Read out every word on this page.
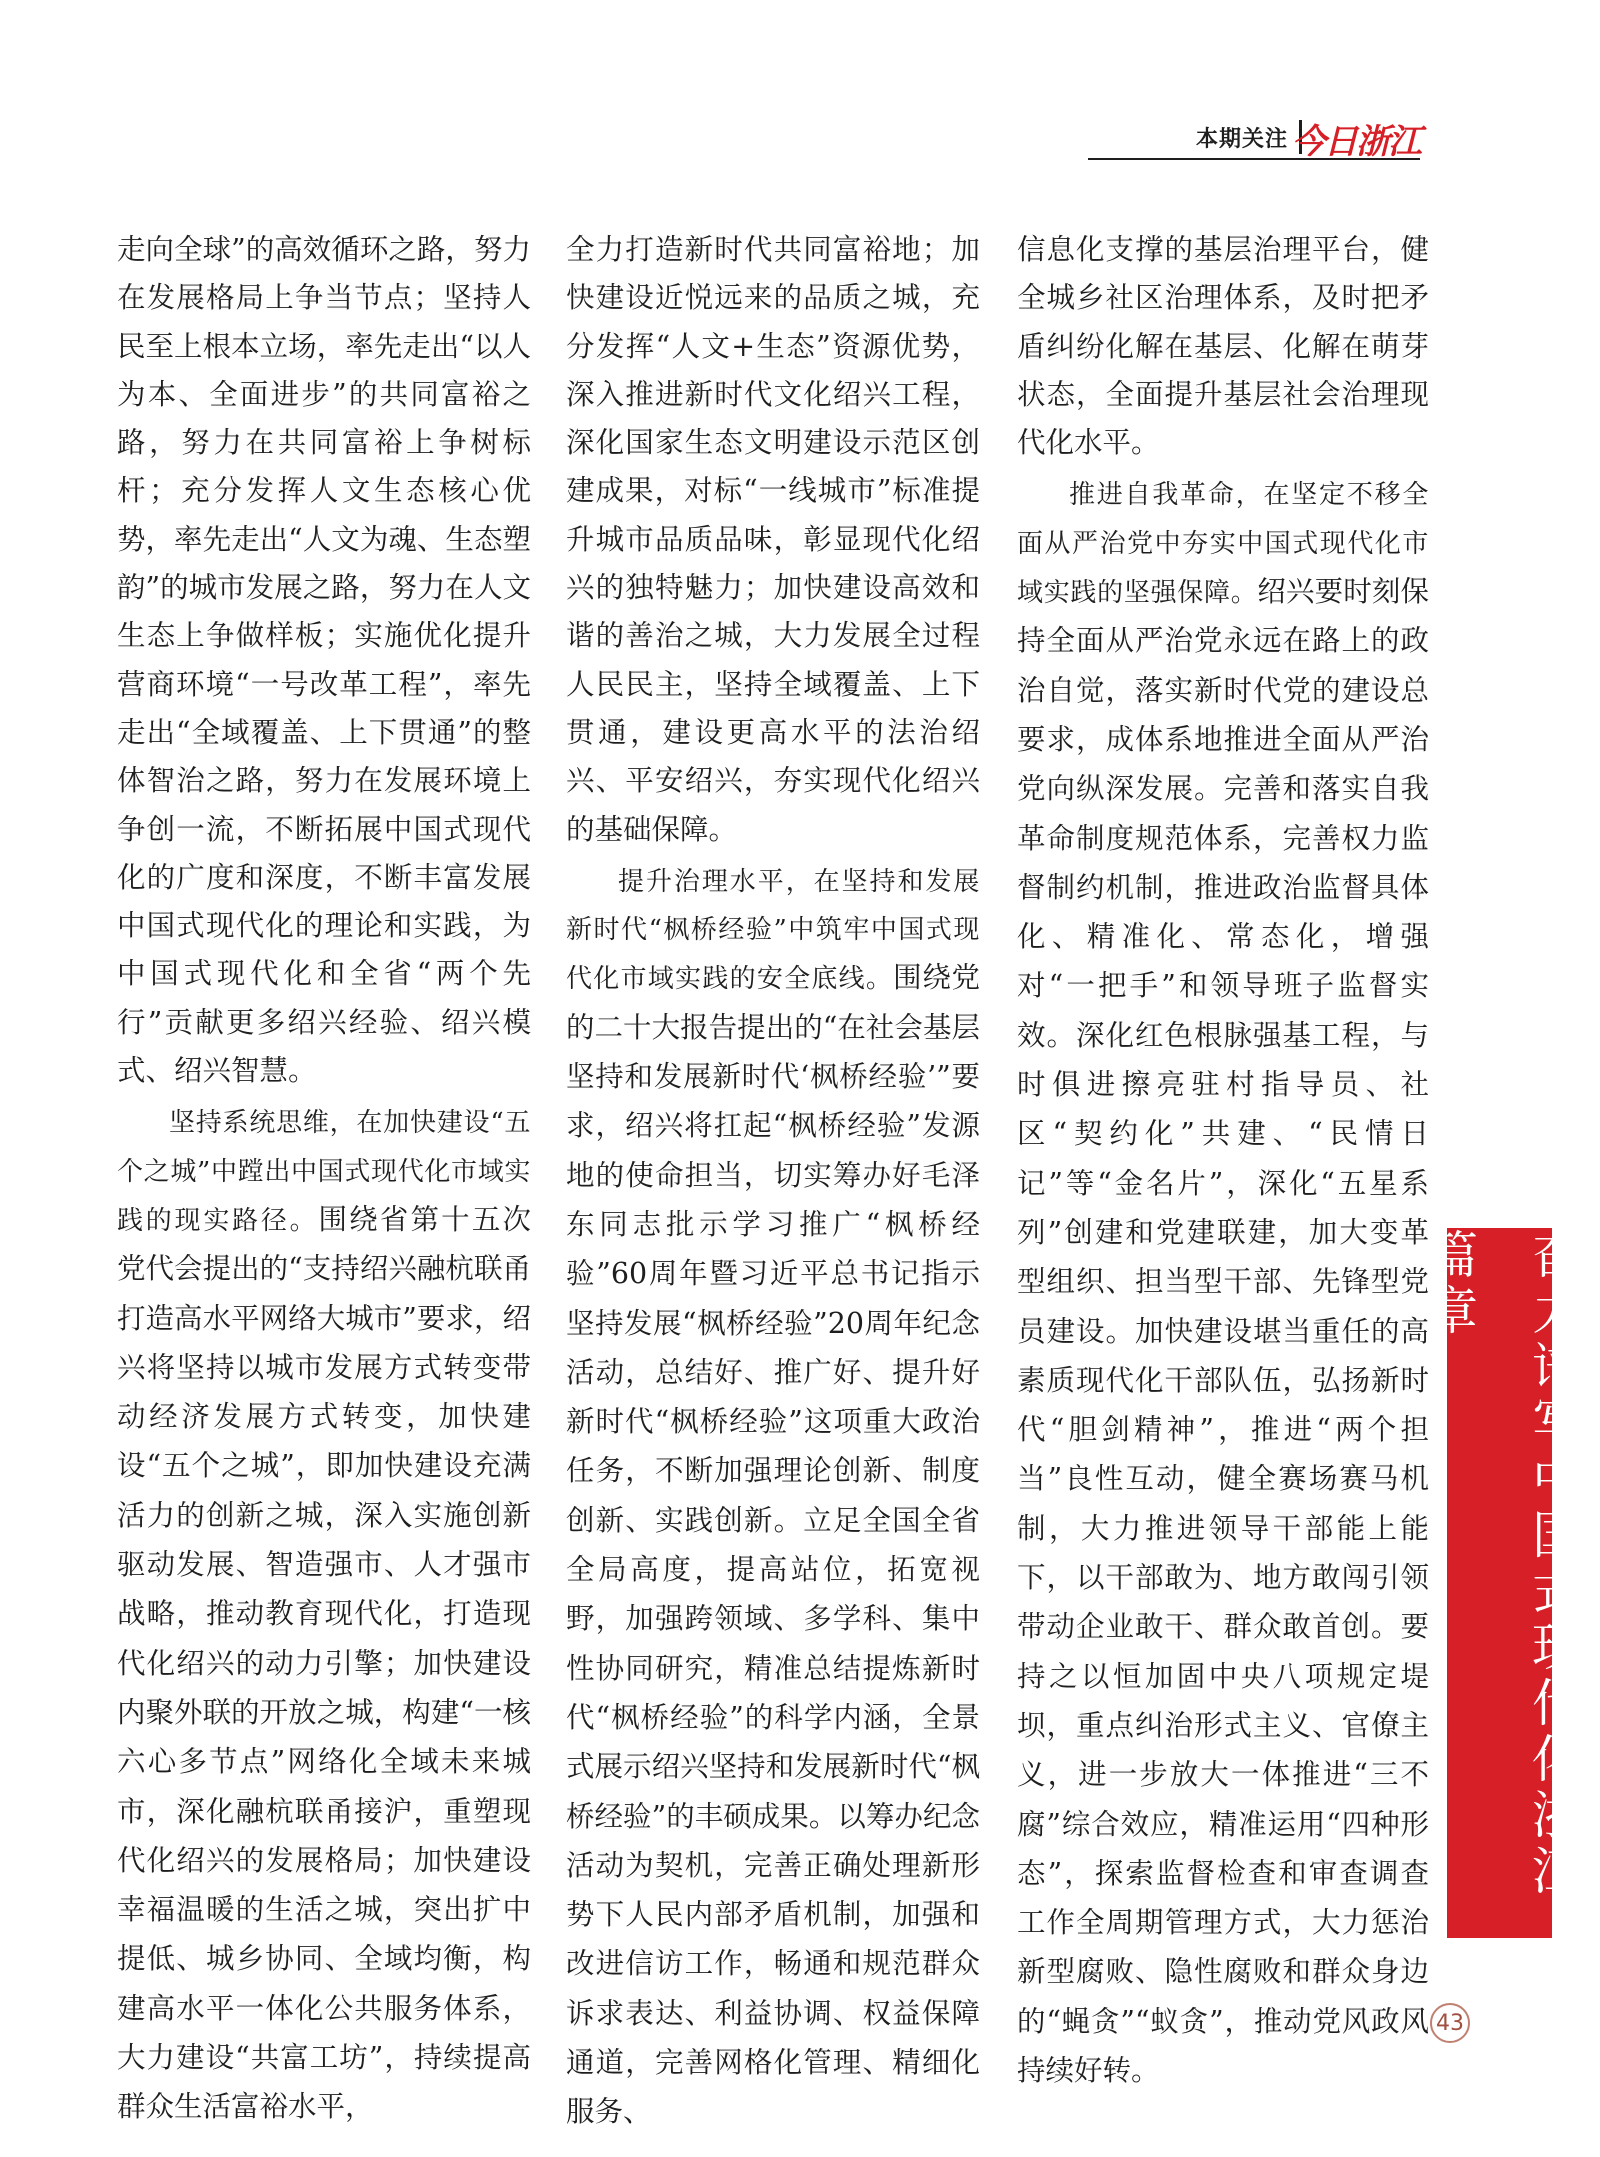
本期关注 今日浙江

走向全球”的高效循环之路，努力在发展格局上争当节点；坚持人民至上根本立场，率先走出“以人为本、全面进步”的共同富裕之路，努力在共同富裕上争树标杆；充分发挥人文生态核心优势，率先走出“人文为魂、生态塑韵”的城市发展之路，努力在人文生态上争做样板；实施优化提升营商环境“一号改革工程”，率先走出“全域覆盖、上下贯通”的整体智治之路，努力在发展环境上争创一流，不断拓展中国式现代化的广度和深度，不断丰富发展中国式现代化的理论和实践，为中国式现代化和全省“两个先行”贡献更多绍兴经验、绍兴模式、绍兴智慧。

坚持系统思维，在加快建设“五个之城”中蹚出中国式现代化市域实践的现实路径。围绕省第十五次党代会提出的“支持绍兴融杭联甬打造高水平网络大城市”要求，绍兴将坚持以城市发展方式转变带动经济发展方式转变，加快建设“五个之城”，即加快建设充满活力的创新之城，深入实施创新驱动发展、智造强市、人才强市战略，推动教育现代化，打造现代化绍兴的动力引擎；加快建设内聚外联的开放之城，构建“一核六心多节点”网络化全域未来城市，深化融杭联甬接沪，重塑现代化绍兴的发展格局；加快建设幸福温暖的生活之城，突出扩中提低、城乡协同、全域均衡，构建高水平一体化公共服务体系，大力建设“共富工坊”，持续提高群众生活富裕水平，

全力打造新时代共同富裕地；加快建设近悦远来的品质之城，充分发挥“人文+生态”资源优势，深入推进新时代文化绍兴工程，深化国家生态文明建设示范区创建成果，对标“一线城市”标准提升城市品质品味，彰显现代化绍兴的独特魅力；加快建设高效和谐的善治之城，大力发展全过程人民民主，坚持全域覆盖、上下贯通，建设更高水平的法治绍兴、平安绍兴，夯实现代化绍兴的基础保障。

提升治理水平，在坚持和发展新时代“枫桥经验”中筑牢中国式现代化市域实践的安全底线。围绕党的二十大报告提出的“在社会基层坚持和发展新时代‘枫桥经验’”要求，绍兴将扛起“枫桥经验”发源地的使命担当，切实筹办好毛泽东同志批示学习推广“枫桥经验”60周年暨习近平总书记指示坚持发展“枫桥经验”20周年纪念活动，总结好、推广好、提升好新时代“枫桥经验”这项重大政治任务，不断加强理论创新、制度创新、实践创新。立足全国全省全局高度，提高站位，拓宽视野，加强跨领域、多学科、集中性协同研究，精准总结提炼新时代“枫桥经验”的科学内涵，全景式展示绍兴坚持和发展新时代“枫桥经验”的丰硕成果。以筹办纪念活动为契机，完善正确处理新形势下人民内部矛盾机制，加强和改进信访工作，畅通和规范群众诉求表达、利益协调、权益保障通道，完善网格化管理、精细化服务、

信息化支撑的基层治理平台，健全城乡社区治理体系，及时把矛盾纠纷化解在基层、化解在萌芽状态，全面提升基层社会治理现代化水平。

推进自我革命，在坚定不移全面从严治党中夯实中国式现代化市域实践的坚强保障。绍兴要时刻保持全面从严治党永远在路上的政治自觉，落实新时代党的建设总要求，成体系地推进全面从严治党向纵深发展。完善和落实自我革命制度规范体系，完善权力监督制约机制，推进政治监督具体化、精准化、常态化，增强对“一把手”和领导班子监督实效。深化红色根脉强基工程，与时俱进擦亮驻村指导员、社区“契约化”共建、“民情日记”等“金名片”，深化“五星系列”创建和党建联建，加大变革型组织、担当型干部、先锋型党员建设。加快建设堪当重任的高素质现代化干部队伍，弘扬新时代“胆剑精神”，推进“两个担当”良性互动，健全赛场赛马机制，大力推进领导干部能上能下，以干部敢为、地方敢闯引领带动企业敢干、群众敢首创。要持之以恒加固中央八项规定堤坝，重点纠治形式主义、官僚主义，进一步放大一体推进“三不腐”综合效应，精准运用“四种形态”，探索监督检查和审查调查工作全周期管理方式，大力惩治新型腐败、隐性腐败和群众身边的“蝇贪”“蚁贪”，推动党风政风持续好转。

奋力谱写中国式现代化浙江篇章
43
